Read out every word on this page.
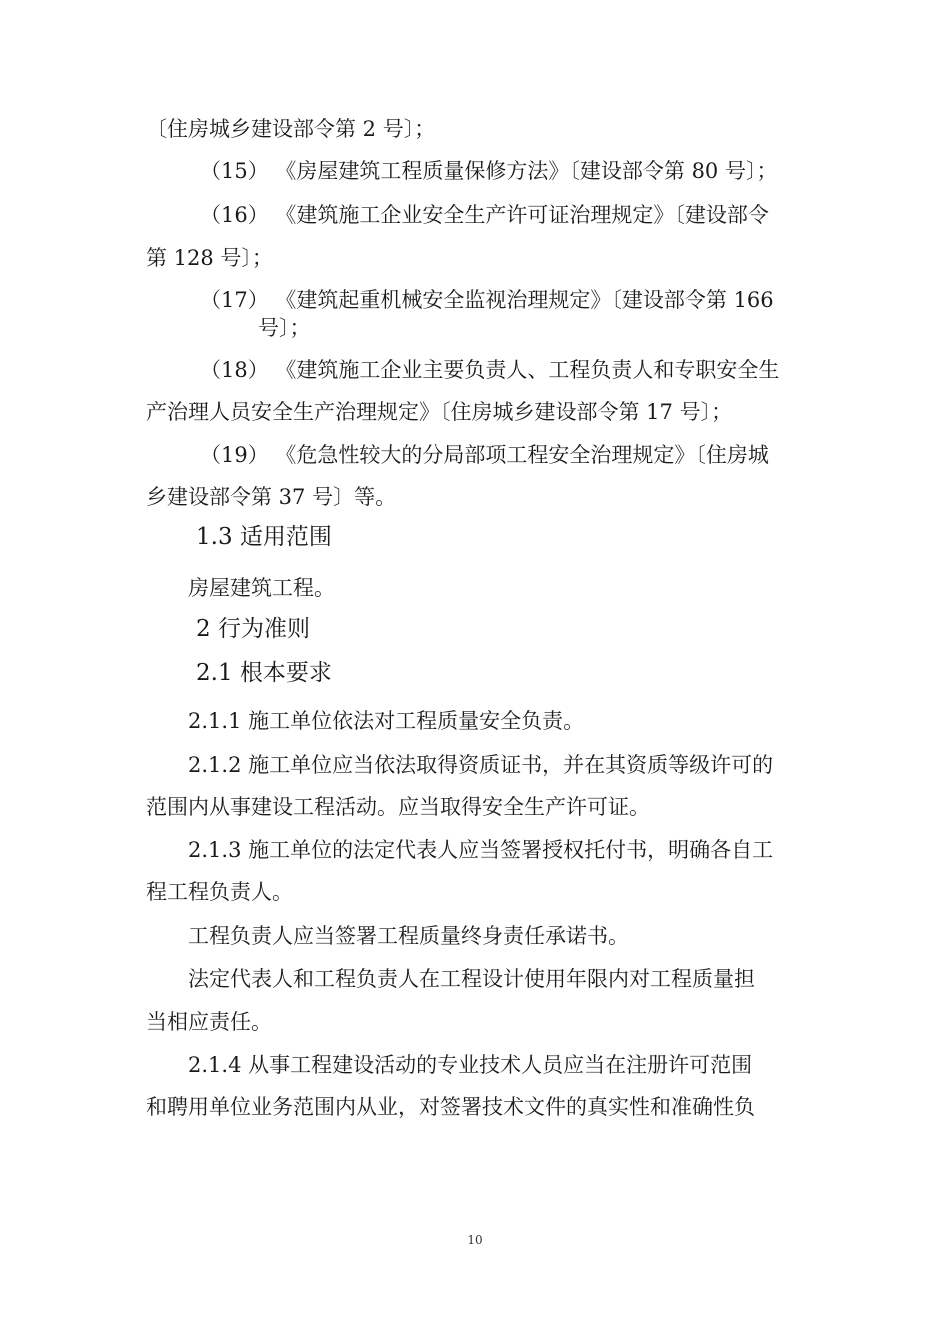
〔住房城乡建设部令第 2 号〕；
（15） 《房屋建筑工程质量保修方法》〔建设部令第 80 号〕；
（16） 《建筑施工企业安全生产许可证治理规定》〔建设部令
第 128 号〕；
（17） 《建筑起重机械安全监视治理规定》〔建设部令第 166
号〕；
（18） 《建筑施工企业主要负责人、工程负责人和专职安全生
产治理人员安全生产治理规定》〔住房城乡建设部令第 17 号〕；
（19） 《危急性较大的分局部项工程安全治理规定》〔住房城
乡建设部令第 37 号〕等。
1.3 适用范围
房屋建筑工程。
2 行为准则
2.1 根本要求
2.1.1 施工单位依法对工程质量安全负责。
2.1.2 施工单位应当依法取得资质证书，并在其资质等级许可的
范围内从事建设工程活动。应当取得安全生产许可证。
2.1.3 施工单位的法定代表人应当签署授权托付书，明确各自工
程工程负责人。
工程负责人应当签署工程质量终身责任承诺书。
法定代表人和工程负责人在工程设计使用年限内对工程质量担
当相应责任。
2.1.4 从事工程建设活动的专业技术人员应当在注册许可范围
和聘用单位业务范围内从业，对签署技术文件的真实性和准确性负
10
